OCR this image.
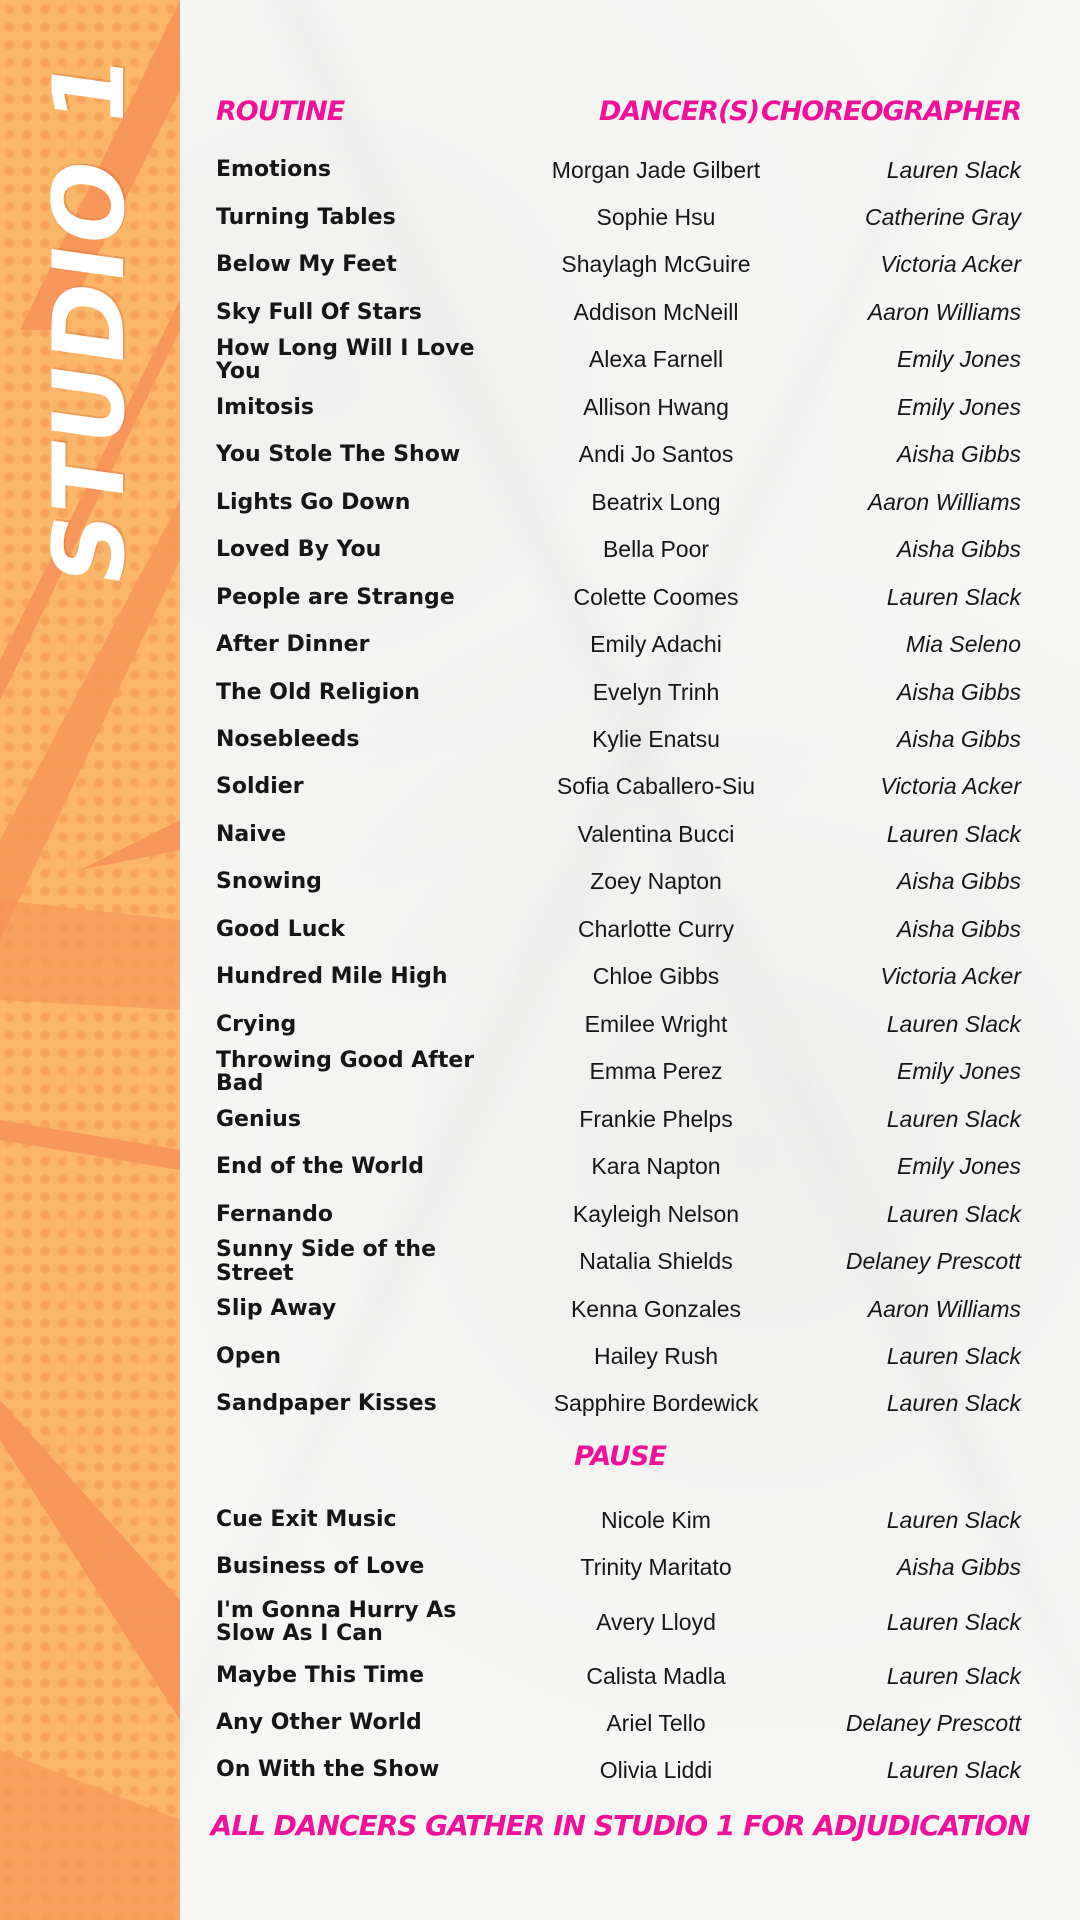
STUDIO 1	ROUTINE	DANCER(S) CHOREOGRAPHER
Emotions	Morgan Jade Gilbert	Lauren Slack
Turning Tables	Sophie Hsu	Catherine Gray
Below My Feet	Shaylagh McGuire	Victoria Acker
Sky Full Of Stars	Addison McNeill	Aaron Williams
How Long Will I Love You	Alexa Farnell	Emily Jones
Imitosis	Allison Hwang	Emily Jones
You Stole The Show	Andi Jo Santos	Aisha Gibbs
Lights Go Down	Beatrix Long	Aaron Williams
Loved By You	Bella Poor	Aisha Gibbs
People are Strange	Colette Coomes	Lauren Slack
After Dinner	Emily Adachi	Mia Seleno
The Old Religion	Evelyn Trinh	Aisha Gibbs
Nosebleeds	Kylie Enatsu	Aisha Gibbs
Soldier	Sofia Caballero-Siu	Victoria Acker
Naive	Valentina Bucci	Lauren Slack
Snowing	Zoey Napton	Aisha Gibbs
Good Luck	Charlotte Curry	Aisha Gibbs
Hundred Mile High	Chloe Gibbs	Victoria Acker
Crying	Emilee Wright	Lauren Slack
Throwing Good After Bad	Emma Perez	Emily Jones
Genius	Frankie Phelps	Lauren Slack
End of the World	Kara Napton	Emily Jones
Fernando	Kayleigh Nelson	Lauren Slack
Sunny Side of the Street	Natalia Shields	Delaney Prescott
Slip Away	Kenna Gonzales	Aaron Williams
Open	Hailey Rush	Lauren Slack
Sandpaper Kisses	Sapphire Bordewick	Lauren Slack
PAUSE
Cue Exit Music	Nicole Kim	Lauren Slack
Business of Love	Trinity Maritato	Aisha Gibbs
I'm Gonna Hurry As Slow As I Can	Avery Lloyd	Lauren Slack
Maybe This Time	Calista Madla	Lauren Slack
Any Other World	Ariel Tello	Delaney Prescott
On With the Show	Olivia Liddi	Lauren Slack
ALL DANCERS GATHER IN STUDIO 1 FOR ADJUDICATION
